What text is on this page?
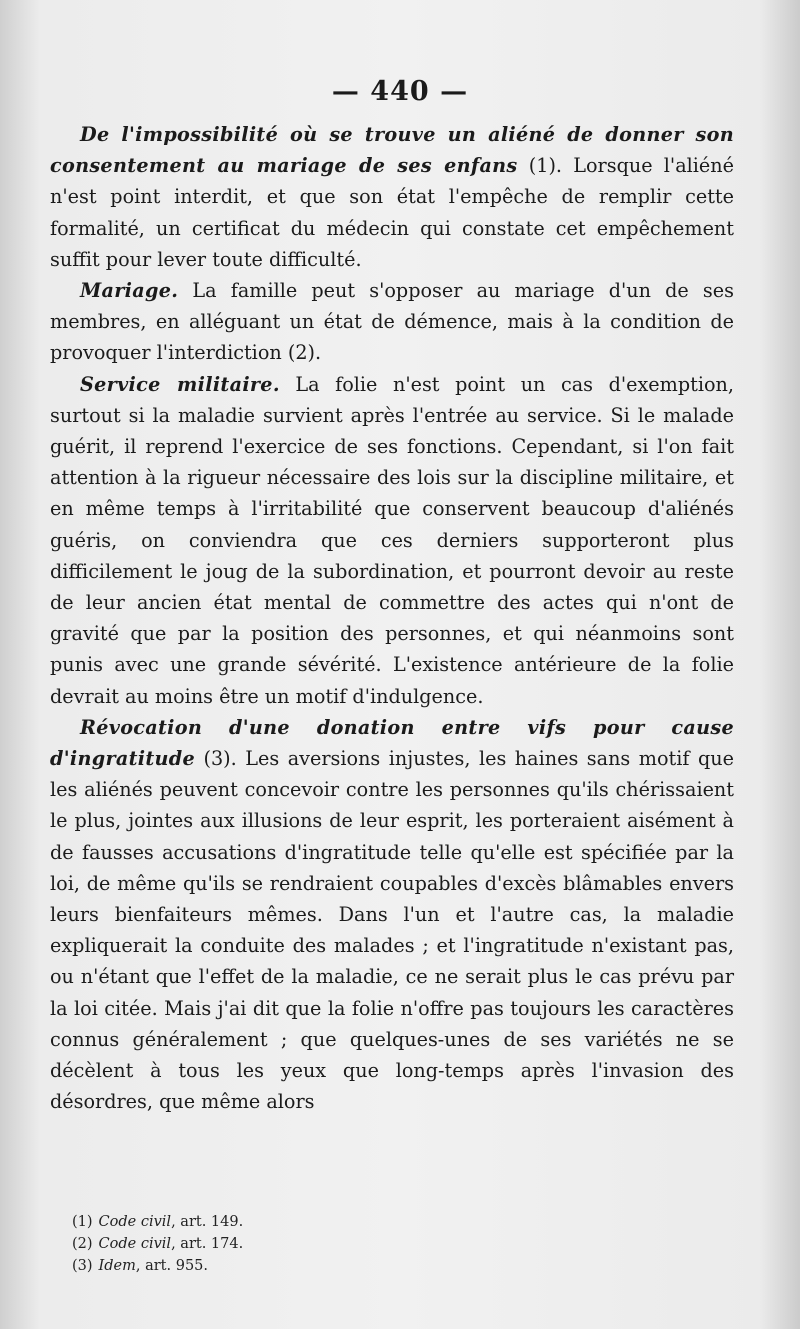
— 440 —

De l'impossibilité où se trouve un aliéné de donner son consentement au mariage de ses enfans (1). Lorsque l'aliéné n'est point interdit, et que son état l'empêche de remplir cette formalité, un certificat du médecin qui constate cet empêchement suffit pour lever toute difficulté.

Mariage. La famille peut s'opposer au mariage d'un de ses membres, en alléguant un état de démence, mais à la condition de provoquer l'interdiction (2).

Service militaire. La folie n'est point un cas d'exemption, surtout si la maladie survient après l'entrée au service. Si le malade guérit, il reprend l'exercice de ses fonctions. Cependant, si l'on fait attention à la rigueur nécessaire des lois sur la discipline militaire, et en même temps à l'irritabilité que conservent beaucoup d'aliénés guéris, on conviendra que ces derniers supporteront plus difficilement le joug de la subordination, et pourront devoir au reste de leur ancien état mental de commettre des actes qui n'ont de gravité que par la position des personnes, et qui néanmoins sont punis avec une grande sévérité. L'existence antérieure de la folie devrait au moins être un motif d'indulgence.

Révocation d'une donation entre vifs pour cause d'ingratitude (3). Les aversions injustes, les haines sans motif que les aliénés peuvent concevoir contre les personnes qu'ils chérissaient le plus, jointes aux illusions de leur esprit, les porteraient aisément à de fausses accusations d'ingratitude telle qu'elle est spécifiée par la loi, de même qu'ils se rendraient coupables d'excès blâmables envers leurs bienfaiteurs mêmes. Dans l'un et l'autre cas, la maladie expliquerait la conduite des malades ; et l'ingratitude n'existant pas, ou n'étant que l'effet de la maladie, ce ne serait plus le cas prévu par la loi citée. Mais j'ai dit que la folie n'offre pas toujours les caractères connus généralement ; que quelques-unes de ses variétés ne se décèlent à tous les yeux que long-temps après l'invasion des désordres, que même alors

(1) Code civil, art. 149.
(2) Code civil, art. 174.
(3) Idem, art. 955.
